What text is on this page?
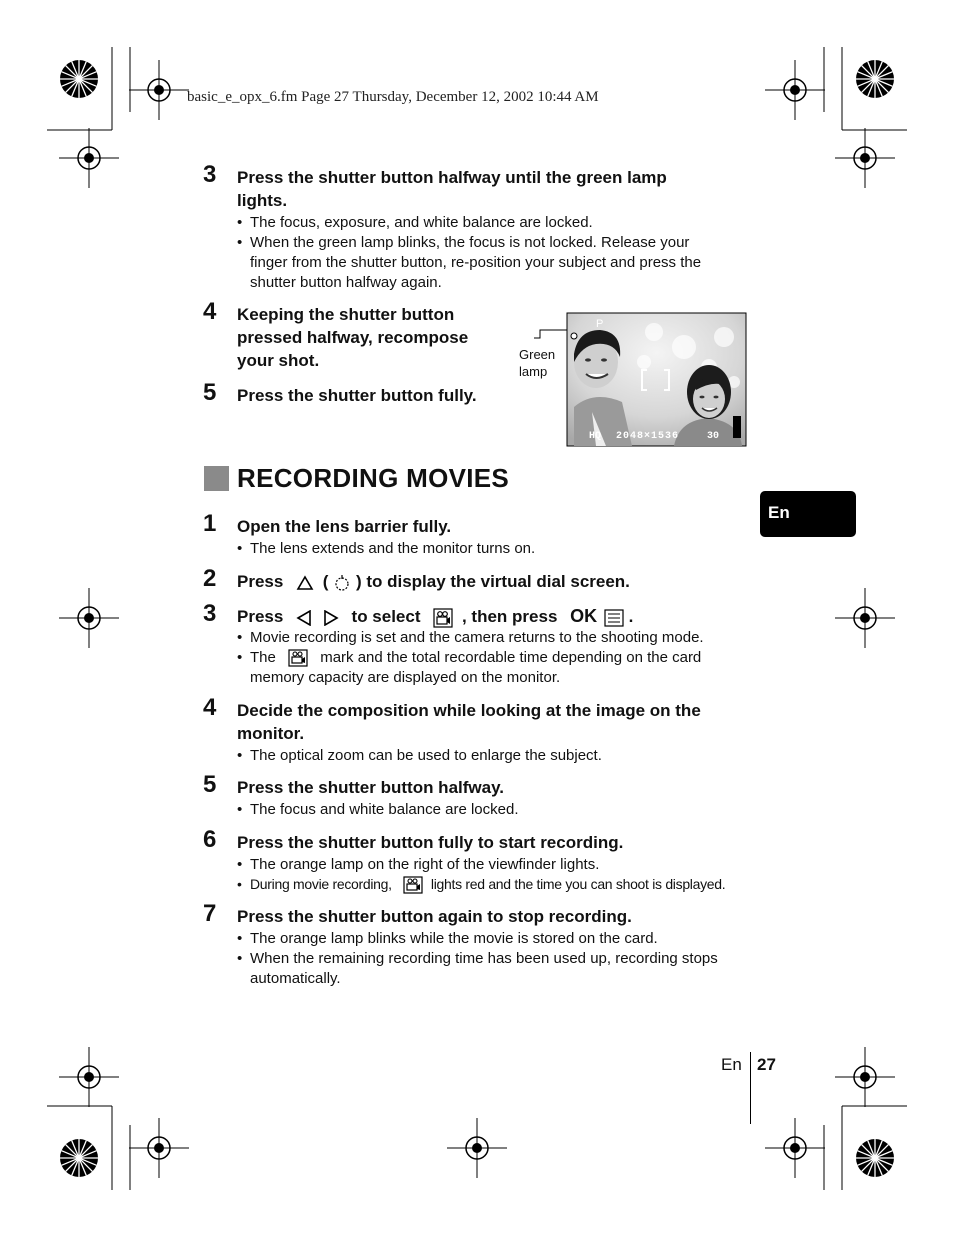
basic_e_opx_6.fm Page 27 Thursday, December 12, 2002 10:44 AM
3	Press the shutter button halfway until the green lamp
lights.
• The focus, exposure, and white balance are locked.
• When the green lamp blinks, the focus is not locked. Release your
finger from the shutter button, re-position your subject and press the
shutter button halfway again.
4	Keeping the shutter button
pressed halfway, recompose
your shot.
5	Press the shutter button fully.
Green
lamp
P
HQ 2048×1536	30
RECORDING MOVIES
En
1	Open the lens barrier fully.
• The lens extends and the monitor turns on.
2	Press ( ) to display the virtual dial screen.
3	Press	to select , then press OK .
• Movie recording is set and the camera returns to the shooting mode.
• The	mark and the total recordable time depending on the card
memory capacity are displayed on the monitor.
4	Decide the composition while looking at the image on the
monitor.
• The optical zoom can be used to enlarge the subject.
5	Press the shutter button halfway.
• The focus and white balance are locked.
6	Press the shutter button fully to start recording.
• The orange lamp on the right of the viewfinder lights.
• During movie recording,	lights red and the time you can shoot is displayed.
7	Press the shutter button again to stop recording.
• The orange lamp blinks while the movie is stored on the card.
• When the remaining recording time has been used up, recording stops
automatically.
En 27
